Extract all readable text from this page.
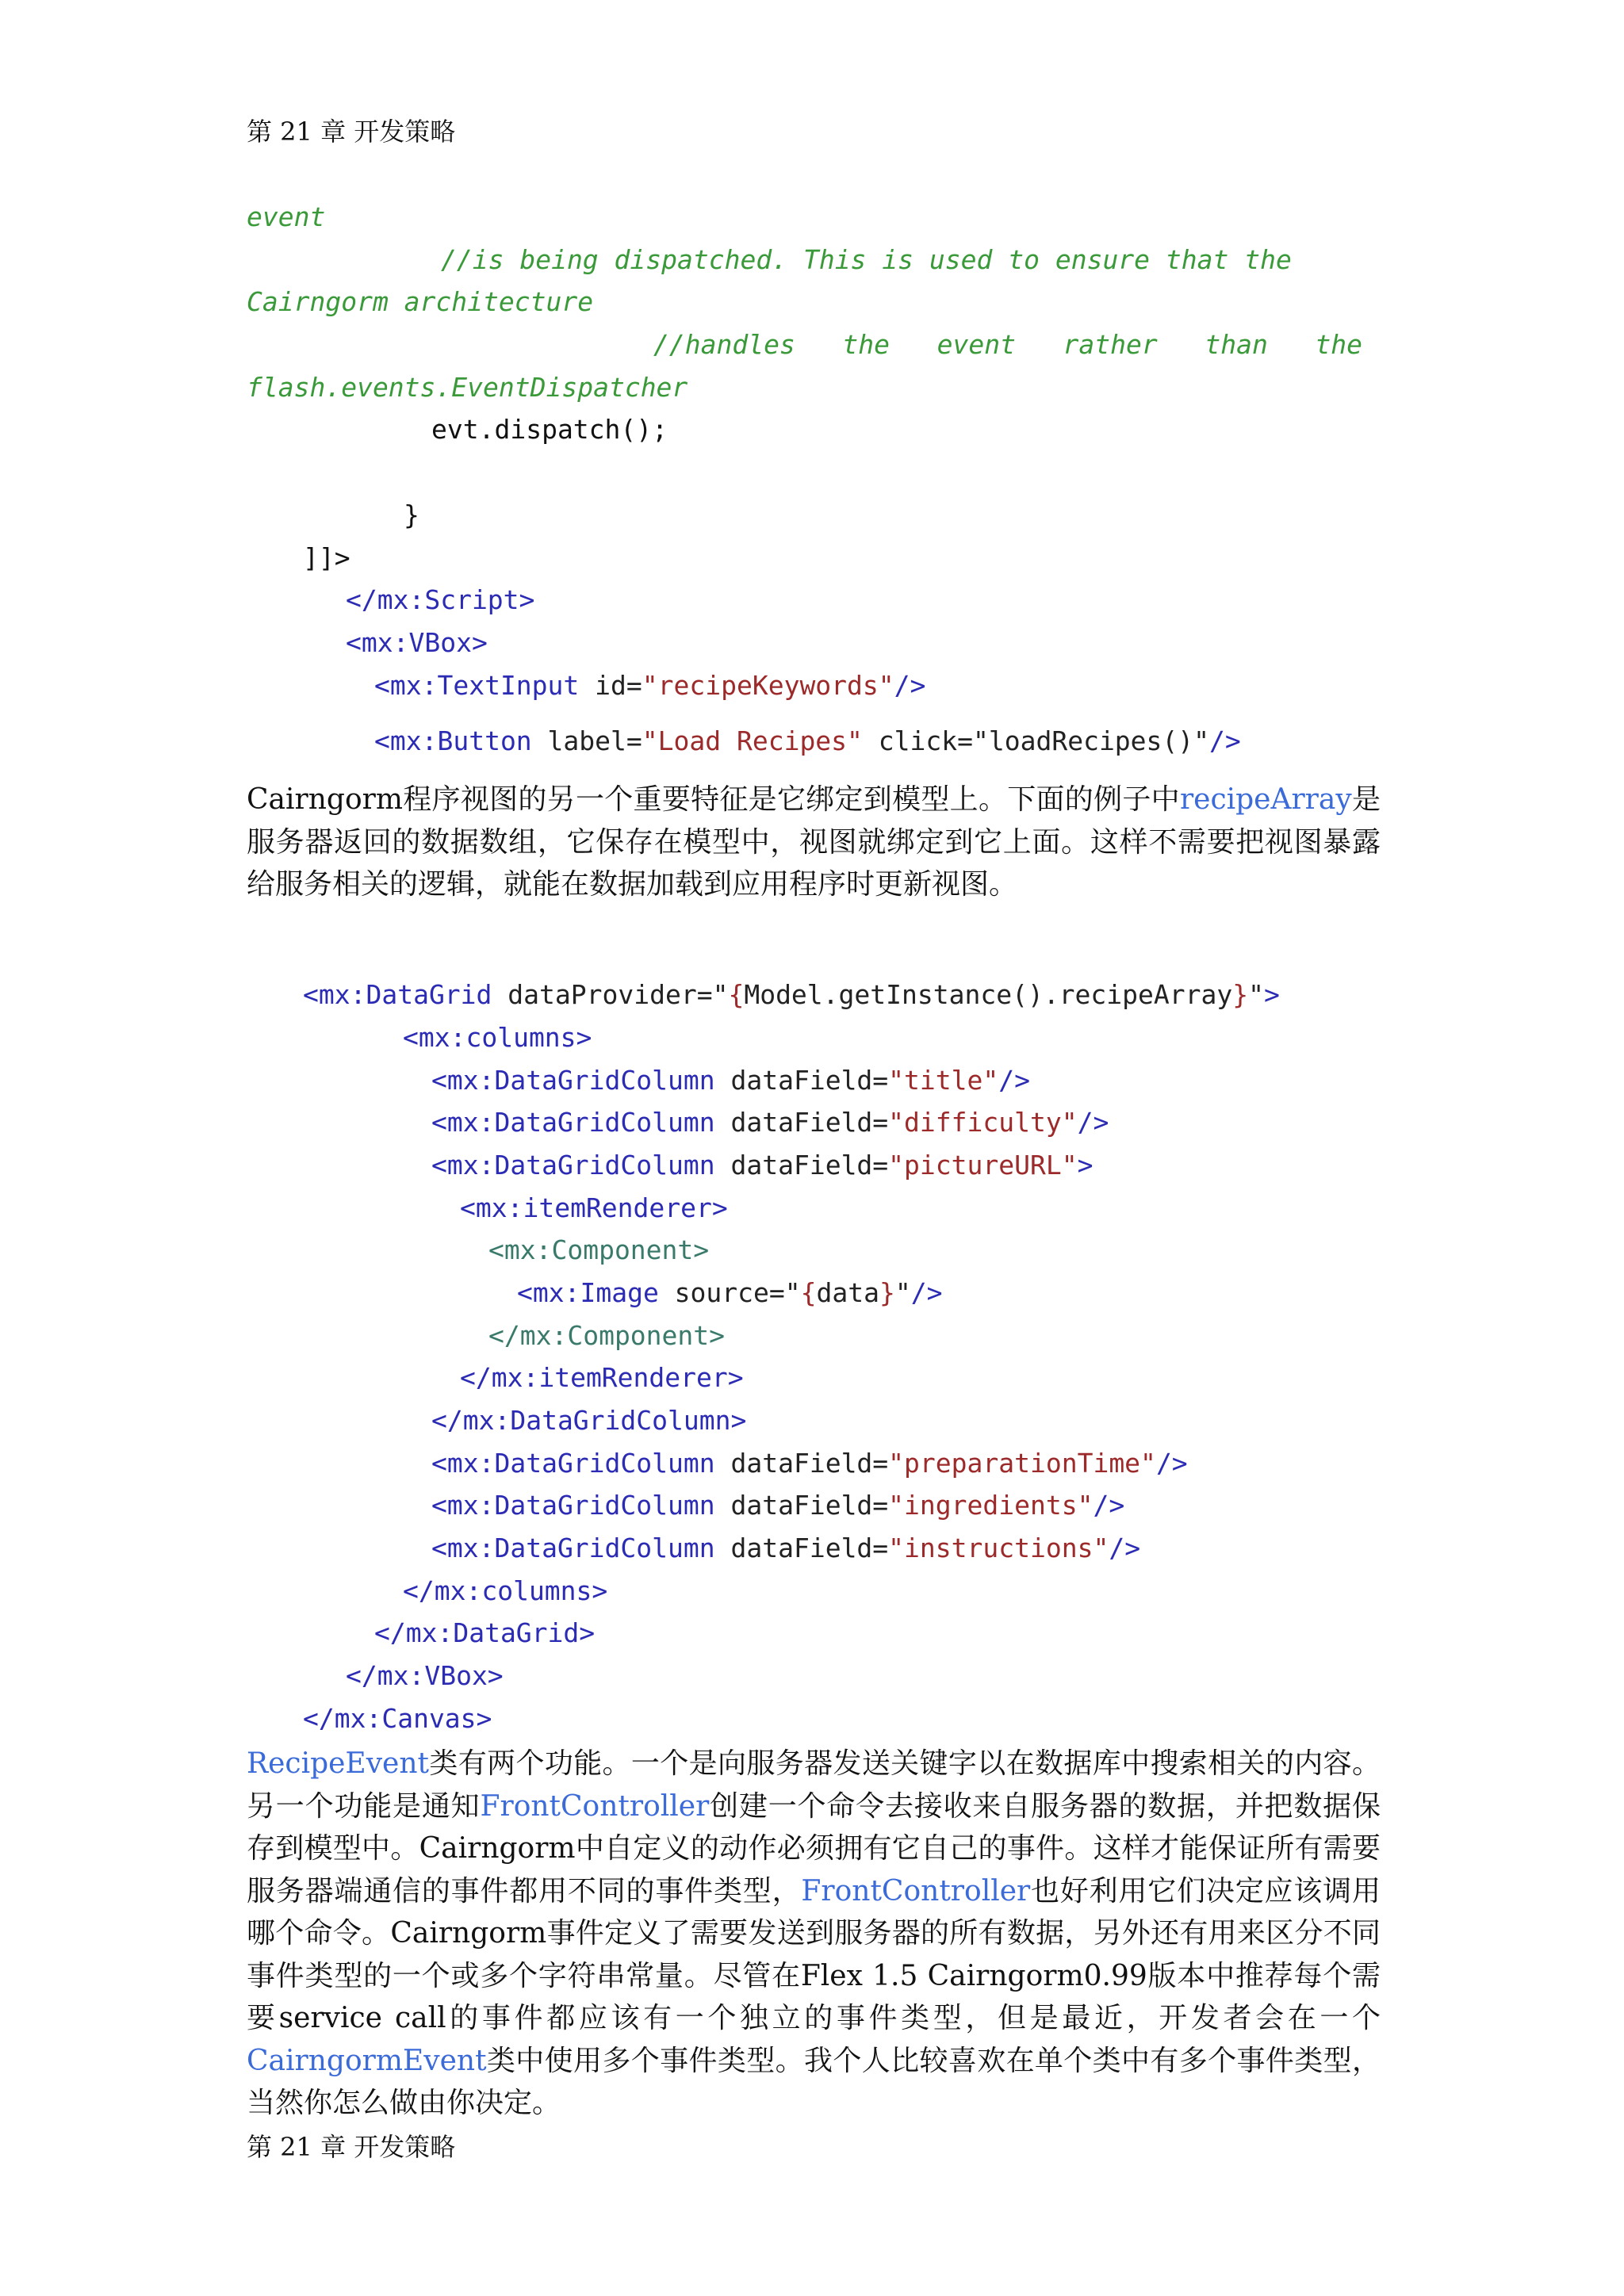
第 21 章 开发策略
event
//is being dispatched. This is used to ensure that the
Cairngorm architecture
//handles   the   event   rather   than   the
flash.events.EventDispatcher
evt.dispatch();
}
]]>
</mx:Script>
<mx:VBox>
<mx:TextInput id="recipeKeywords"/>
<mx:Button label="Load Recipes" click="loadRecipes()"/>
Cairngorm程序视图的另一个重要特征是它绑定到模型上。下面的例子中recipeArray是服务器返回的数据数组，它保存在模型中，视图就绑定到它上面。这样不需要把视图暴露给服务相关的逻辑，就能在数据加载到应用程序时更新视图。
<mx:DataGrid dataProvider="{Model.getInstance().recipeArray}">
<mx:columns>
<mx:DataGridColumn dataField="title"/>
<mx:DataGridColumn dataField="difficulty"/>
<mx:DataGridColumn dataField="pictureURL">
<mx:itemRenderer>
<mx:Component>
<mx:Image source="{data}"/>
</mx:Component>
</mx:itemRenderer>
</mx:DataGridColumn>
<mx:DataGridColumn dataField="preparationTime"/>
<mx:DataGridColumn dataField="ingredients"/>
<mx:DataGridColumn dataField="instructions"/>
</mx:columns>
</mx:DataGrid>
</mx:VBox>
</mx:Canvas>
RecipeEvent类有两个功能。一个是向服务器发送关键字以在数据库中搜索相关的内容。另一个功能是通知FrontController创建一个命令去接收来自服务器的数据，并把数据保存到模型中。Cairngorm中自定义的动作必须拥有它自己的事件。这样才能保证所有需要服务器端通信的事件都用不同的事件类型，FrontController也好利用它们决定应该调用哪个命令。Cairngorm事件定义了需要发送到服务器的所有数据，另外还有用来区分不同事件类型的一个或多个字符串常量。尽管在Flex 1.5 Cairngorm0.99版本中推荐每个需要service call的事件都应该有一个独立的事件类型，但是最近，开发者会在一个CairngormEvent类中使用多个事件类型。我个人比较喜欢在单个类中有多个事件类型，当然你怎么做由你决定。
第 21 章 开发策略
